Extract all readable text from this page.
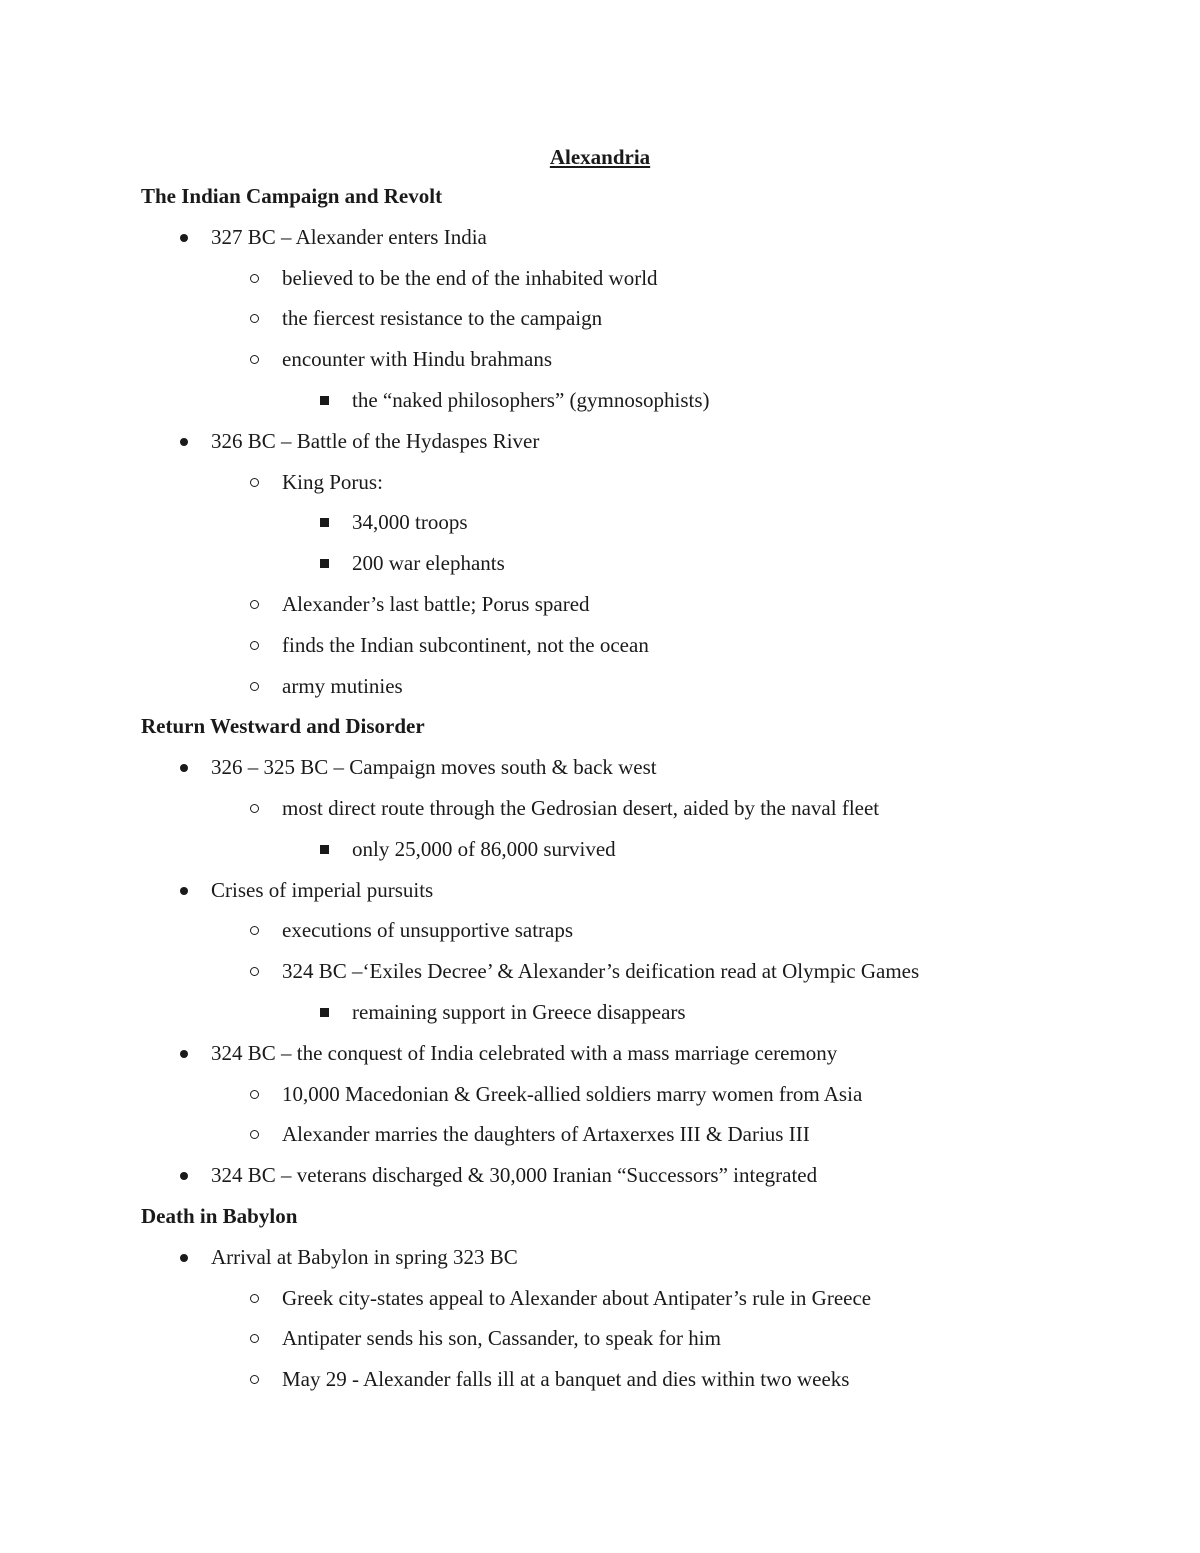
Alexandria
The Indian Campaign and Revolt
327 BC – Alexander enters India
believed to be the end of the inhabited world
the fiercest resistance to the campaign
encounter with Hindu brahmans
the “naked philosophers” (gymnosophists)
326 BC – Battle of the Hydaspes River
King Porus:
34,000 troops
200 war elephants
Alexander’s last battle; Porus spared
finds the Indian subcontinent, not the ocean
army mutinies
Return Westward and Disorder
326 – 325 BC – Campaign moves south & back west
most direct route through the Gedrosian desert, aided by the naval fleet
only 25,000 of 86,000 survived
Crises of imperial pursuits
executions of unsupportive satraps
324 BC –‘Exiles Decree’ & Alexander’s deification read at Olympic Games
remaining support in Greece disappears
324 BC – the conquest of India celebrated with a mass marriage ceremony
10,000 Macedonian & Greek-allied soldiers marry women from Asia
Alexander marries the daughters of Artaxerxes III & Darius III
324 BC – veterans discharged & 30,000 Iranian “Successors” integrated
Death in Babylon
Arrival at Babylon in spring 323 BC
Greek city-states appeal to Alexander about Antipater’s rule in Greece
Antipater sends his son, Cassander, to speak for him
May 29 - Alexander falls ill at a banquet and dies within two weeks
